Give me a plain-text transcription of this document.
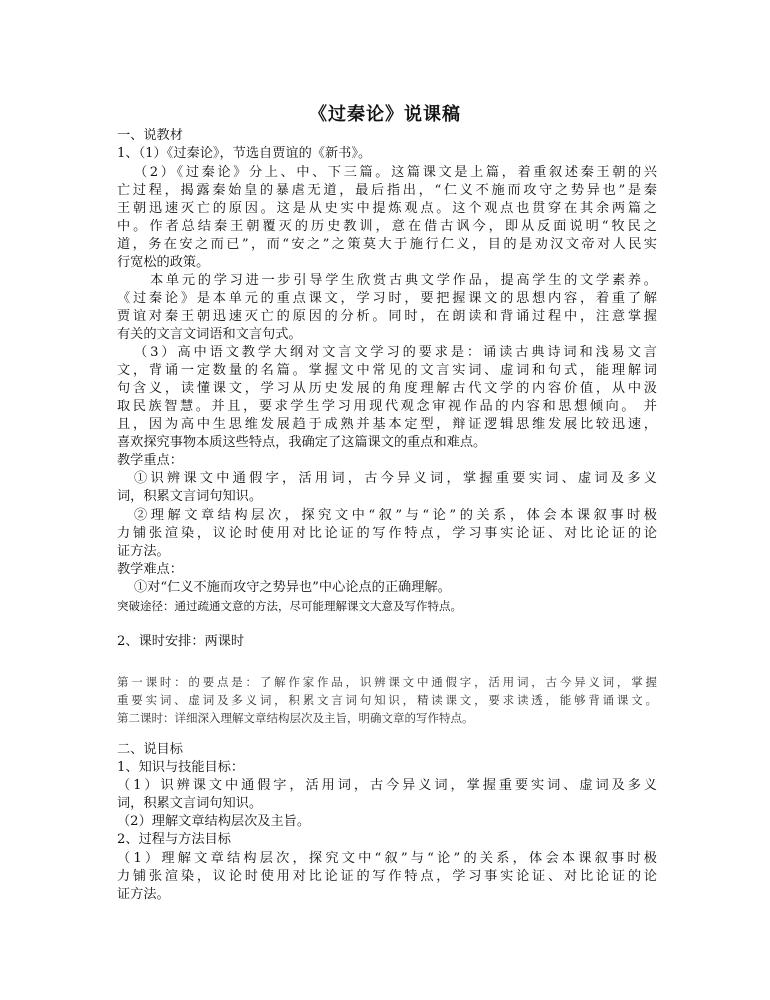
《过秦论》说课稿
一、说教材
1、（1）《过秦论》，节选自贾谊的《新书》。
（2）《过秦论》分上、中、下三篇。这篇课文是上篇，着重叙述秦王朝的兴
亡过程，揭露秦始皇的暴虐无道，最后指出，“仁义不施而攻守之势异也”是秦
王朝迅速灭亡的原因。这是从史实中提炼观点。这个观点也贯穿在其余两篇之
中。作者总结秦王朝覆灭的历史教训，意在借古讽今，即从反面说明“牧民之
道，务在安之而已”，而“安之”之策莫大于施行仁义，目的是劝汉文帝对人民实
行宽松的政策。
本单元的学习进一步引导学生欣赏古典文学作品，提高学生的文学素养。
《过秦论》是本单元的重点课文，学习时，要把握课文的思想内容，着重了解
贾谊对秦王朝迅速灭亡的原因的分析。同时，在朗读和背诵过程中，注意掌握
有关的文言文词语和文言句式。
（3）高中语文教学大纲对文言文学习的要求是：诵读古典诗词和浅易文言
文，背诵一定数量的名篇。掌握文中常见的文言实词、虚词和句式，能理解词
句含义，读懂课文，学习从历史发展的角度理解古代文学的内容价值，从中汲
取民族智慧。并且，要求学生学习用现代观念审视作品的内容和思想倾向。 并
且，因为高中生思维发展趋于成熟并基本定型，辩证逻辑思维发展比较迅速，
喜欢探究事物本质这些特点，我确定了这篇课文的重点和难点。
教学重点：
①识辨课文中通假字，活用词，古今异义词，掌握重要实词、虚词及多义
词，积累文言词句知识。
②理解文章结构层次，探究文中“叙”与“论”的关系，体会本课叙事时极
力铺张渲染，议论时使用对比论证的写作特点，学习事实论证、对比论证的论
证方法。
教学难点：
①对“仁义不施而攻守之势异也”中心论点的正确理解。
突破途径：通过疏通文意的方法，尽可能理解课文大意及写作特点。
2、课时安排：两课时
第一课时：的要点是：了解作家作品，识辨课文中通假字，活用词，古今异义词，掌握
重要实词、虚词及多义词，积累文言词句知识，精读课文，要求读透，能够背诵课文。
第二课时：详细深入理解文章结构层次及主旨，明确文章的写作特点。
二、说目标
1、知识与技能目标：
（1）识辨课文中通假字，活用词，古今异义词，掌握重要实词、虚词及多义
词，积累文言词句知识。
（2）理解文章结构层次及主旨。
2、过程与方法目标
（1）理解文章结构层次，探究文中“叙”与“论”的关系，体会本课叙事时极
力铺张渲染，议论时使用对比论证的写作特点，学习事实论证、对比论证的论
证方法。
